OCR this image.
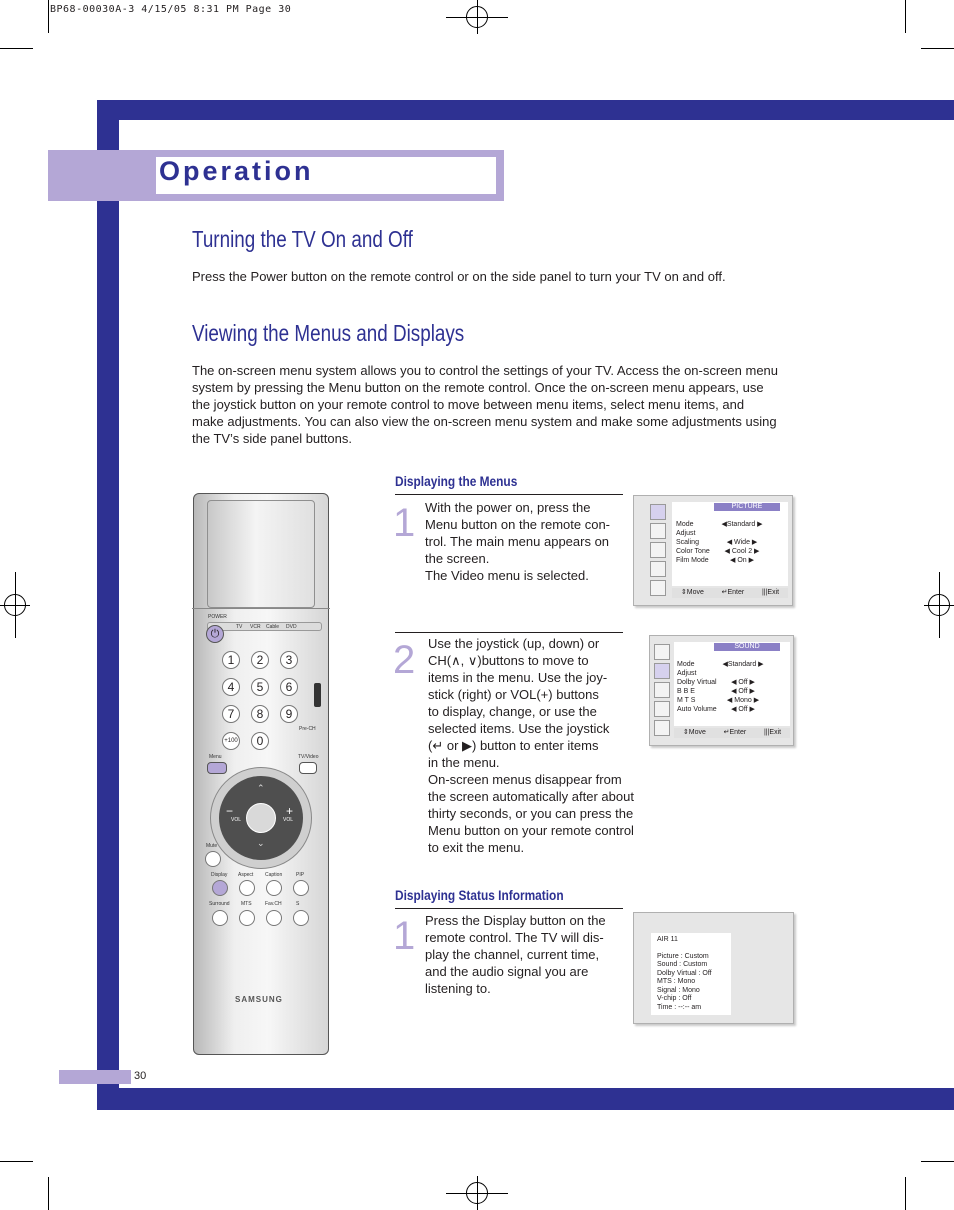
BP68-00030A-3 4/15/05 8:31 PM Page 30
Operation
Turning the TV On and Off
Press the Power button on the remote control or on the side panel to turn your TV on and off.
Viewing the Menus and Displays
The on-screen menu system allows you to control the settings of your TV. Access the on-screen menu
system by pressing the Menu button on the remote control. Once the on-screen menu appears, use
the joystick button on your remote control to move between menu items, select menu items, and
make adjustments. You can also view the on-screen menu system and make some adjustments using
the TV’s side panel buttons.
Displaying the Menus
1 With the power on, press the
Menu button on the remote con-
trol. The main menu appears on
the screen.
The Video menu is selected.
PICTURE
Mode	◀Standard ▶
Adjust
Scaling	◀ Wide ▶
Color Tone	◀ Cool 2 ▶
Film Mode	◀ On ▶
⇕Move	↵Enter	|||Exit
2 Use the joystick (up, down) or
CH(∧, ∨)buttons to move to
items in the menu. Use the joy-
stick (right) or VOL(+) buttons
to display, change, or use the
selected items. Use the joystick
(↵ or ▶) button to enter items
in the menu.
On-screen menus disappear from
the screen automatically after about
thirty seconds, or you can press the
Menu button on your remote control
to exit the menu.
SOUND
Mode	◀Standard ▶
Adjust
Dolby Virtual	◀ Off ▶
B B E	◀ Off ▶
M T S	◀ Mono ▶
Auto Volume	◀ Off ▶
⇕Move	↵Enter	|||Exit
Displaying Status Information
1 Press the Display button on the
remote control. The TV will dis-
play the channel, current time,
and the audio signal you are
listening to.
AIR 11
Picture : Custom
Sound : Custom
Dolby Virtual : Off
MTS : Mono
Signal : Mono
V-chip : Off
Time : --:-- am
POWER
⏻
TV VCR Cable DVD
1	2	3
4	5	6
7	8	9
+100	0
Pre-CH
Menu	TV/Video
−	+
VOL	VOL
⌃
⌄
Mute
Display Aspect Caption	PIP
Surround MTS	Fav.CH	S
SAMSUNG
30
